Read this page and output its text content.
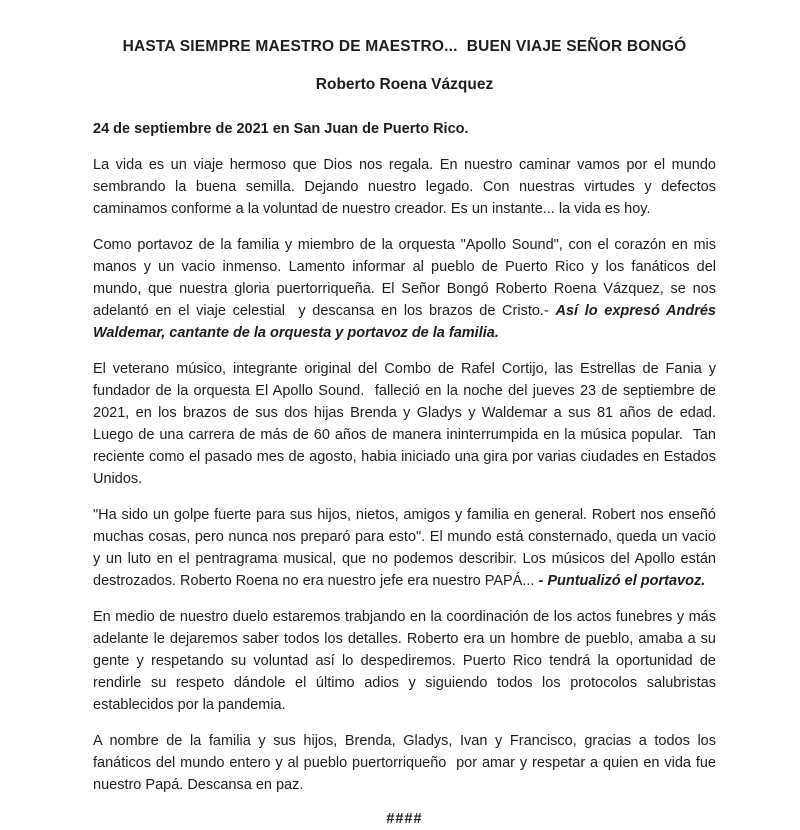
HASTA SIEMPRE MAESTRO DE MAESTRO...  BUEN VIAJE SEÑOR BONGÓ
Roberto Roena Vázquez

24 de septiembre de 2021 en San Juan de Puerto Rico.

La vida es un viaje hermoso que Dios nos regala. En nuestro caminar vamos por el mundo sembrando la buena semilla. Dejando nuestro legado. Con nuestras virtudes y defectos caminamos conforme a la voluntad de nuestro creador. Es un instante... la vida es hoy.

Como portavoz de la familia y miembro de la orquesta "Apollo Sound", con el corazón en mis manos y un vacio inmenso. Lamento informar al pueblo de Puerto Rico y los fanáticos del mundo, que nuestra gloria puertorriqueña. El Señor Bongó Roberto Roena Vázquez, se nos adelantó en el viaje celestial  y descansa en los brazos de Cristo.- Así lo expresó Andrés Waldemar, cantante de la orquesta y portavoz de la familia.

El veterano músico, integrante original del Combo de Rafel Cortijo, las Estrellas de Fania y fundador de la orquesta El Apollo Sound.  falleció en la noche del jueves 23 de septiembre de 2021, en los brazos de sus dos hijas Brenda y Gladys y Waldemar a sus 81 años de edad.  Luego de una carrera de más de 60 años de manera ininterrumpida en la música popular.  Tan reciente como el pasado mes de agosto, habia iniciado una gira por varias ciudades en Estados Unidos.

"Ha sido un golpe fuerte para sus hijos, nietos, amigos y familia en general. Robert nos enseñó muchas cosas, pero nunca nos preparó para esto". El mundo está consternado, queda un vacio y un luto en el pentragrama musical, que no podemos describir. Los músicos del Apollo están destrozados. Roberto Roena no era nuestro jefe era nuestro PAPÁ... - Puntualizó el portavoz.

En medio de nuestro duelo estaremos trabjando en la coordinación de los actos funebres y más adelante le dejaremos saber todos los detalles. Roberto era un hombre de pueblo, amaba a su gente y respetando su voluntad así lo despediremos. Puerto Rico tendrá la oportunidad de rendirle su respeto dándole el último adios y siguiendo todos los protocolos salubristas establecidos por la pandemia.

A nombre de la familia y sus hijos, Brenda, Gladys, Ivan y Francisco, gracias a todos los fanáticos del mundo entero y al pueblo puertorriqueño  por amar y respetar a quien en vida fue nuestro Papá. Descansa en paz.

####
